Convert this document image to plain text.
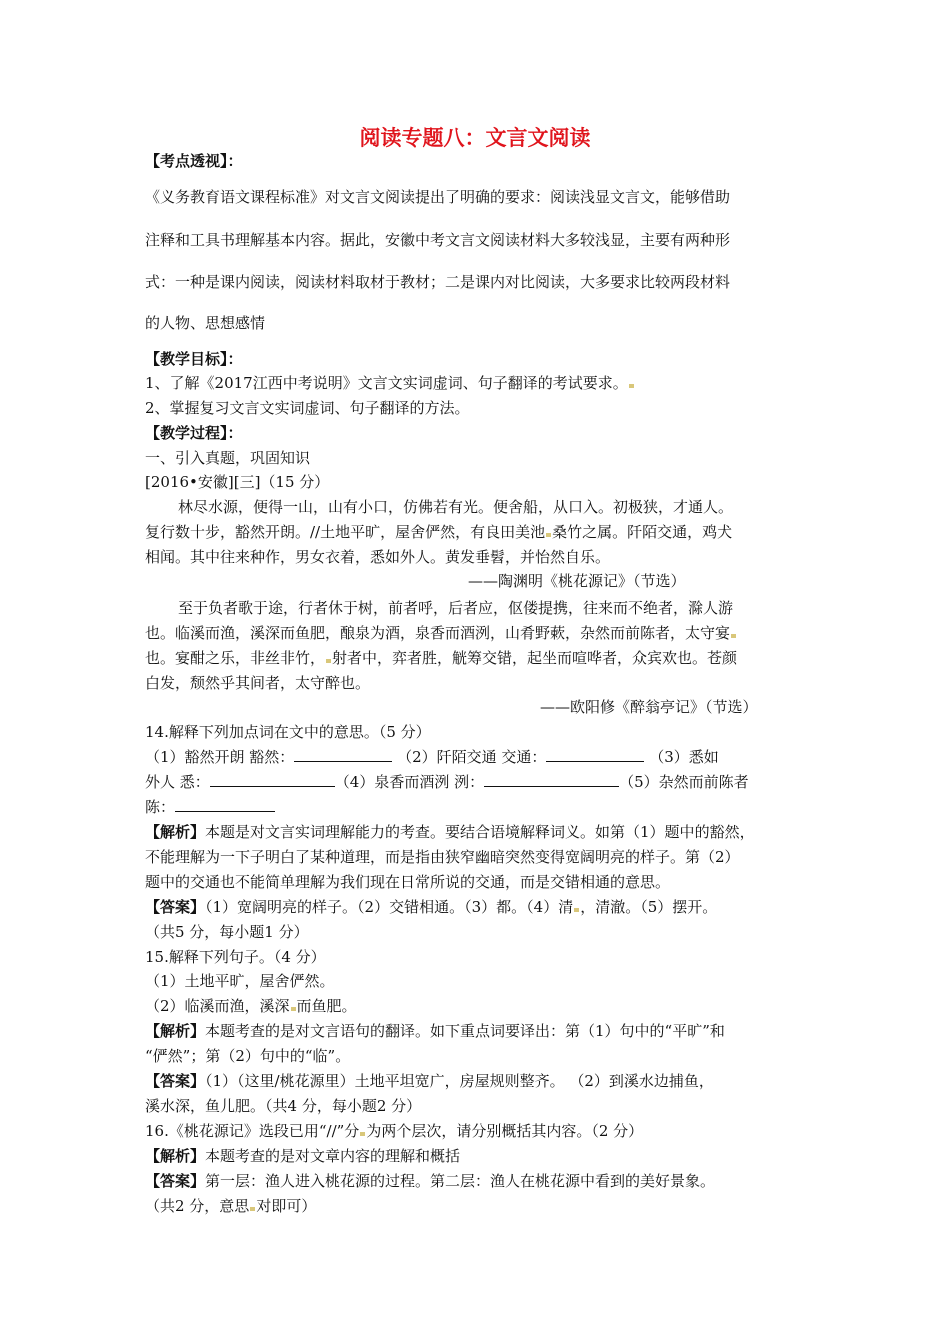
阅读专题八：文言文阅读
【考点透视】：
《义务教育语文课程标准》对文言文阅读提出了明确的要求：阅读浅显文言文，能够借助
注释和工具书理解基本内容。据此，安徽中考文言文阅读材料大多较浅显，主要有两种形
式：一种是课内阅读，阅读材料取材于教材；二是课内对比阅读，大多要求比较两段材料
的人物、思想感情
【教学目标】：
1、了解《2017江西中考说明》文言文实词虚词、句子翻译的考试要求。
2、掌握复习文言文实词虚词、句子翻译的方法。
【教学过程】：
一、引入真题，巩固知识
[2016•安徽][三]（15 分）
林尽水源，便得一山，山有小口，仿佛若有光。便舍船，从口入。初极狭，才通人。
复行数十步，豁然开朗。//土地平旷，屋舍俨然，有良田美池 桑竹之属。阡陌交通，鸡犬
相闻。其中往来种作，男女衣着，悉如外人。黄发垂髫，并怡然自乐。
——陶渊明《桃花源记》（节选）
至于负者歌于途，行者休于树，前者呼，后者应，伛偻提携，往来而不绝者，滁人游
也。临溪而渔，溪深而鱼肥，酿泉为酒，泉香而酒洌，山肴野蔌，杂然而前陈者，太守宴
也。宴酣之乐，非丝非竹， 射者中，弈者胜，觥筹交错，起坐而喧哗者，众宾欢也。苍颜
白发，颓然乎其间者，太守醉也。
——欧阳修《醉翁亭记》（节选）
14.解释下列加点词在文中的意思。（5 分）
（1）豁然开朗 豁然：	（2）阡陌交通 交通：	（3）悉如
外人 悉：	（4）泉香而酒洌 洌：	（5）杂然而前陈者
陈：
【解析】本题是对文言实词理解能力的考查。要结合语境解释词义。如第（1）题中的豁然，
不能理解为一下子明白了某种道理，而是指由狭窄幽暗突然变得宽阔明亮的样子。第（2）
题中的交通也不能简单理解为我们现在日常所说的交通，而是交错相通的意思。
【答案】（1）宽阔明亮的样子。（2）交错相通。（3）都。（4）清 ，清澈。（5）摆开。
（共5 分，每小题1 分）
15.解释下列句子。（4 分）
（1）土地平旷，屋舍俨然。
（2）临溪而渔，溪深 而鱼肥。
【解析】本题考查的是对文言语句的翻译。如下重点词要译出：第（1）句中的“平旷”和
“俨然”；第（2）句中的“临”。
【答案】（1）（这里/桃花源里）土地平坦宽广，房屋规则整齐。 （2）到溪水边捕鱼，
溪水深，鱼儿肥。（共4 分，每小题2 分）
16.《桃花源记》选段已用“//”分 为两个层次，请分别概括其内容。（2 分）
【解析】本题考查的是对文章内容的理解和概括
【答案】第一层：渔人进入桃花源的过程。第二层：渔人在桃花源中看到的美好景象。
（共2 分，意思 对即可）
